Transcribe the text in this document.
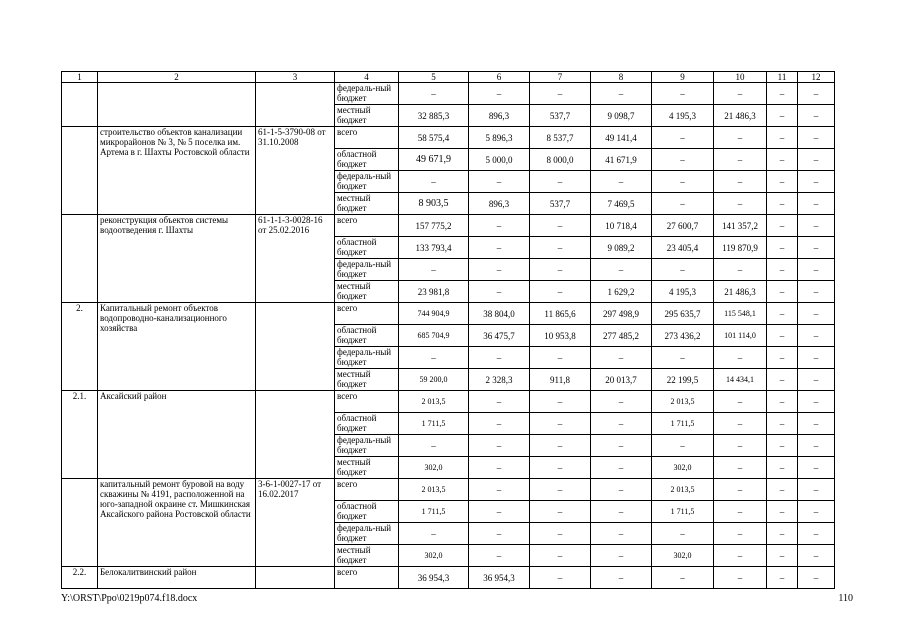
1	2	3	4	5	6	7	8	9	10	11	12
			федераль-ный бюджет	–	–	–	–	–	–	–	–
			местный бюджет	32 885,3	896,3	537,7	9 098,7	4 195,3	21 486,3	–	–
	строительство объектов канализации микрорайонов № 3, № 5 поселка им. Артема в г. Шахты Ростовской области	61-1-5-3790-08 от 31.10.2008	всего	58 575,4	5 896,3	8 537,7	49 141,4	–	–	–	–
			областной бюджет	49 671,9	5 000,0	8 000,0	41 671,9	–	–	–	–
			федераль-ный бюджет	–	–	–	–	–	–	–	–
			местный бюджет	8 903,5	896,3	537,7	7 469,5	–	–	–	–
	реконструкция объектов системы водоотведения г. Шахты	61-1-1-3-0028-16 от 25.02.2016	всего	157 775,2	–	–	10 718,4	27 600,7	141 357,2	–	–
			областной бюджет	133 793,4	–	–	9 089,2	23 405,4	119 870,9	–	–
			федераль-ный бюджет	–	–	–	–	–	–	–	–
			местный бюджет	23 981,8	–	–	1 629,2	4 195,3	21 486,3	–	–
2.	Капитальный ремонт объектов водопроводно-канализационного хозяйства		всего	744 904,9	38 804,0	11 865,6	297 498,9	295 635,7	115 548,1	–	–
			областной бюджет	685 704,9	36 475,7	10 953,8	277 485,2	273 436,2	101 114,0	–	–
			федераль-ный бюджет	–	–	–	–	–	–	–	–
			местный бюджет	59 200,0	2 328,3	911,8	20 013,7	22 199,5	14 434,1	–	–
2.1.	Аксайский район		всего	2 013,5	–	–	–	2 013,5	–	–	–
			областной бюджет	1 711,5	–	–	–	1 711,5	–	–	–
			федераль-ный бюджет	–	–	–	–	–	–	–	–
			местный бюджет	302,0	–	–	–	302,0	–	–	–
	капитальный ремонт буровой на воду скважины № 4191, расположенной на юго-западной окраине ст. Мишкинская Аксайского района Ростовской области	3-6-1-0027-17 от 16.02.2017	всего	2 013,5	–	–	–	2 013,5	–	–	–
			областной бюджет	1 711,5	–	–	–	1 711,5	–	–	–
			федераль-ный бюджет	–	–	–	–	–	–	–	–
			местный бюджет	302,0	–	–	–	302,0	–	–	–
2.2.	Белокалитвинский район		всего	36 954,3	36 954,3	–	–	–	–	–	–
Y:\ORST\Ppo\0219p074.f18.docx	110
